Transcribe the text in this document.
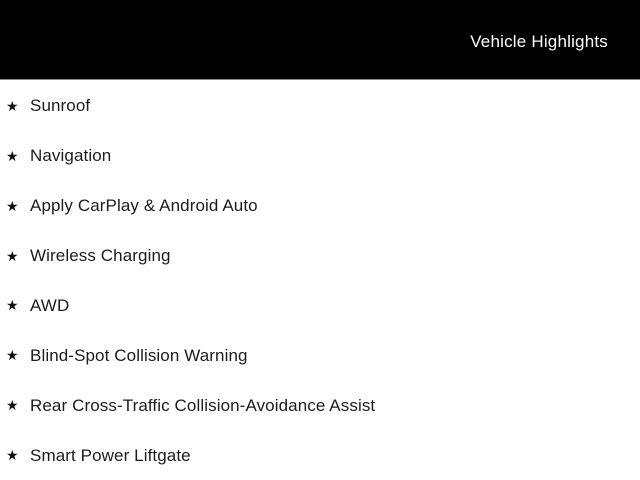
Vehicle Highlights
★ Sunroof
★ Navigation
★ Apply CarPlay & Android Auto
★ Wireless Charging
★ AWD
★ Blind-Spot Collision Warning
★ Rear Cross-Traffic Collision-Avoidance Assist
★ Smart Power Liftgate
